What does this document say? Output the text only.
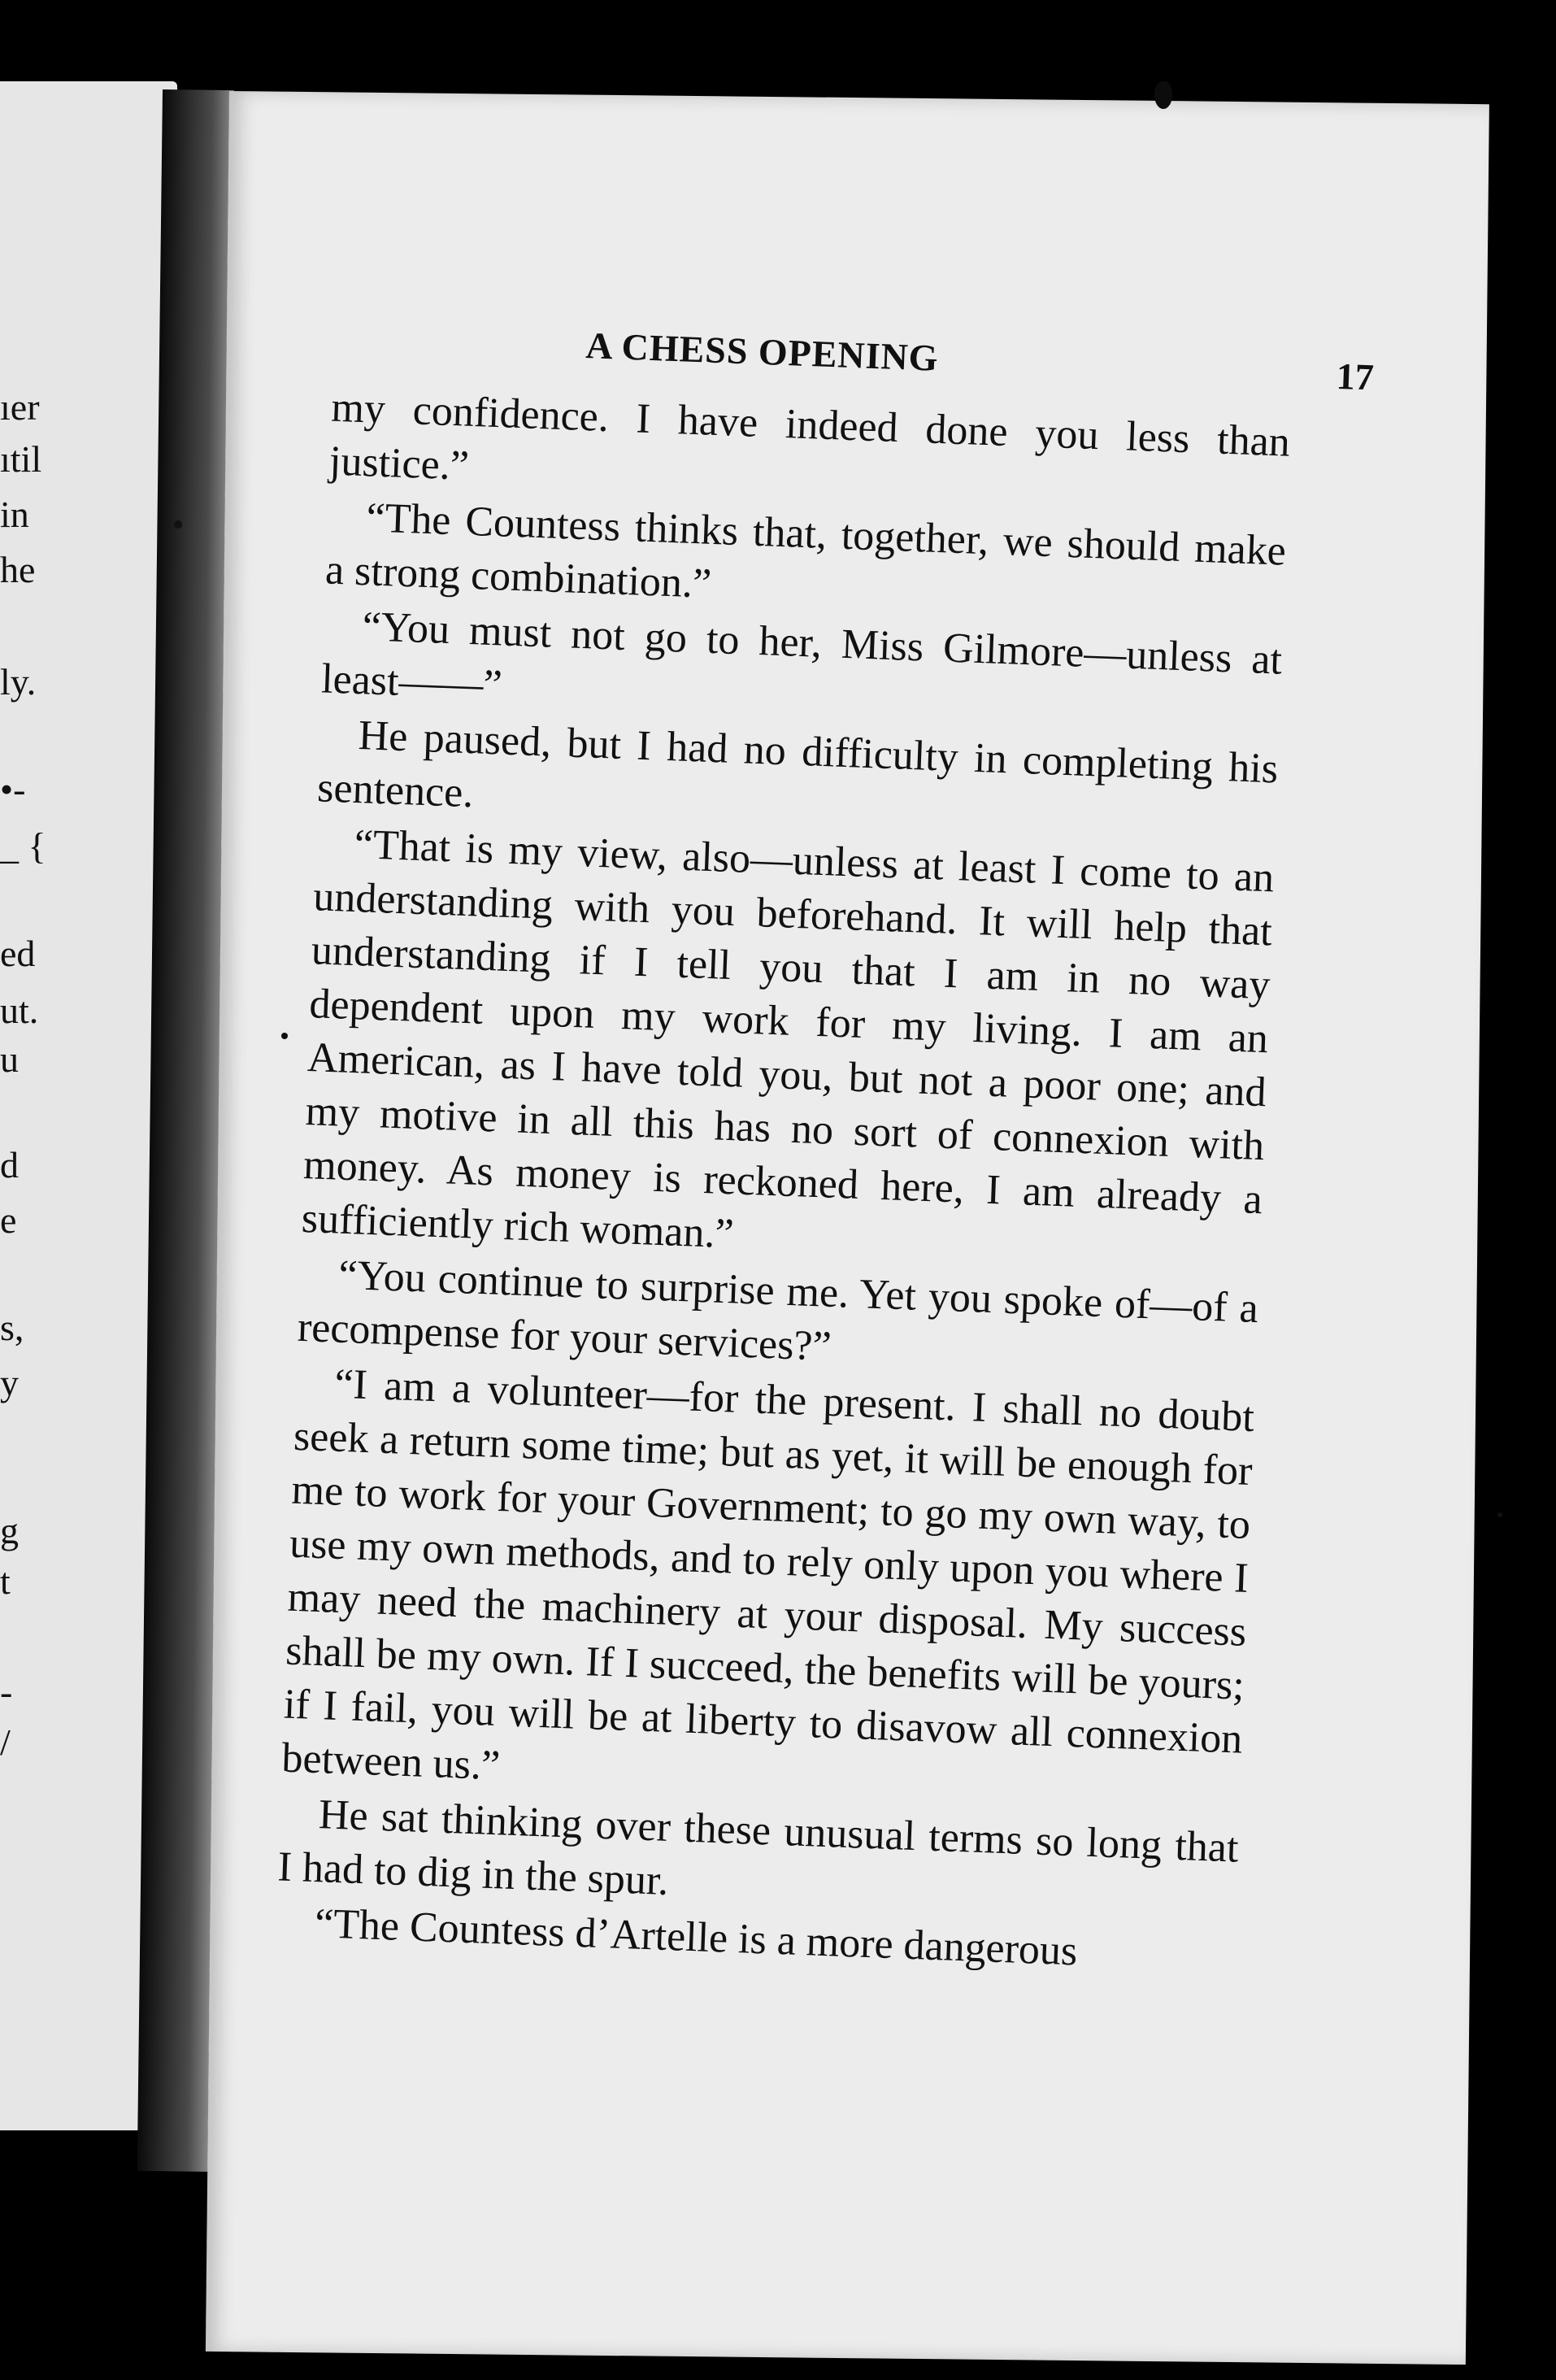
ıer
ıtil
in
he
ly.
•-
_ {
ed
ut.
u
d
e
s,
y
g
t
-
/
A CHESS OPENING	17

my confidence. I have indeed done you less than justice.”

“The Countess thinks that, together, we should make a strong combination.”

“You must not go to her, Miss Gilmore—unless at least——”

He paused, but I had no difficulty in completing his sentence.

“That is my view, also—unless at least I come to an understanding with you beforehand. It will help that understanding if I tell you that I am in no way dependent upon my work for my living. I am an American, as I have told you, but not a poor one; and my motive in all this has no sort of connexion with money. As money is reckoned here, I am already a sufficiently rich woman.”

“You continue to surprise me. Yet you spoke of—of a recompense for your services?”

“I am a volunteer—for the present. I shall no doubt seek a return some time; but as yet, it will be enough for me to work for your Government; to go my own way, to use my own methods, and to rely only upon you where I may need the machinery at your disposal. My success shall be my own. If I succeed, the benefits will be yours; if I fail, you will be at liberty to disavow all connexion between us.”

He sat thinking over these unusual terms so long that I had to dig in the spur.

“The Countess d’Artelle is a more dangerous
